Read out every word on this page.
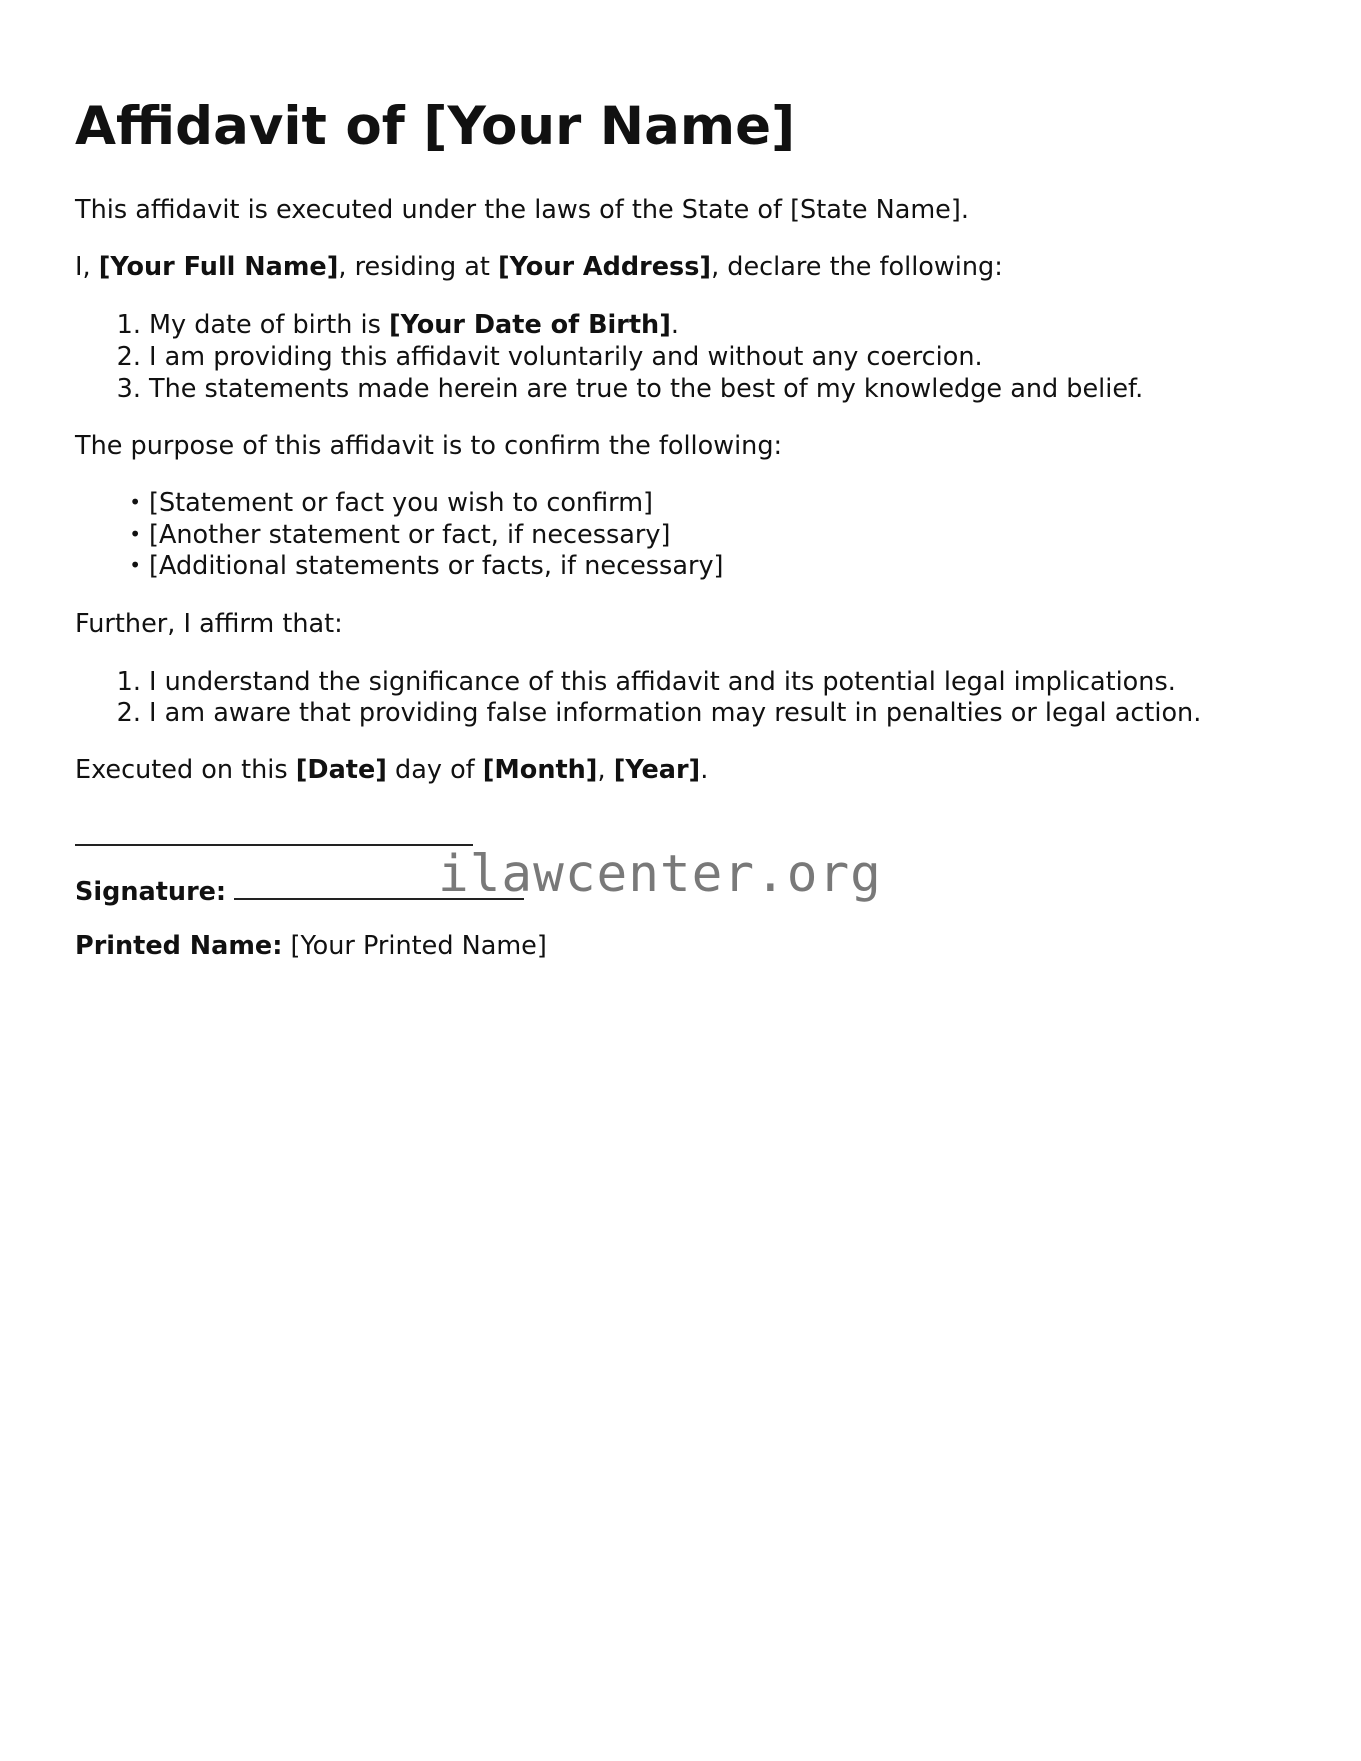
Affidavit of [Your Name]
This affidavit is executed under the laws of the State of [State Name].
I, [Your Full Name], residing at [Your Address], declare the following:
1. My date of birth is [Your Date of Birth].
2. I am providing this affidavit voluntarily and without any coercion.
3. The statements made herein are true to the best of my knowledge and belief.
The purpose of this affidavit is to confirm the following:
• [Statement or fact you wish to confirm]
• [Another statement or fact, if necessary]
• [Additional statements or facts, if necessary]
Further, I affirm that:
1. I understand the significance of this affidavit and its potential legal implications.
2. I am aware that providing false information may result in penalties or legal action.
Executed on this [Date] day of [Month], [Year].
Signature:
Printed Name: [Your Printed Name]
ilawcenter.org
